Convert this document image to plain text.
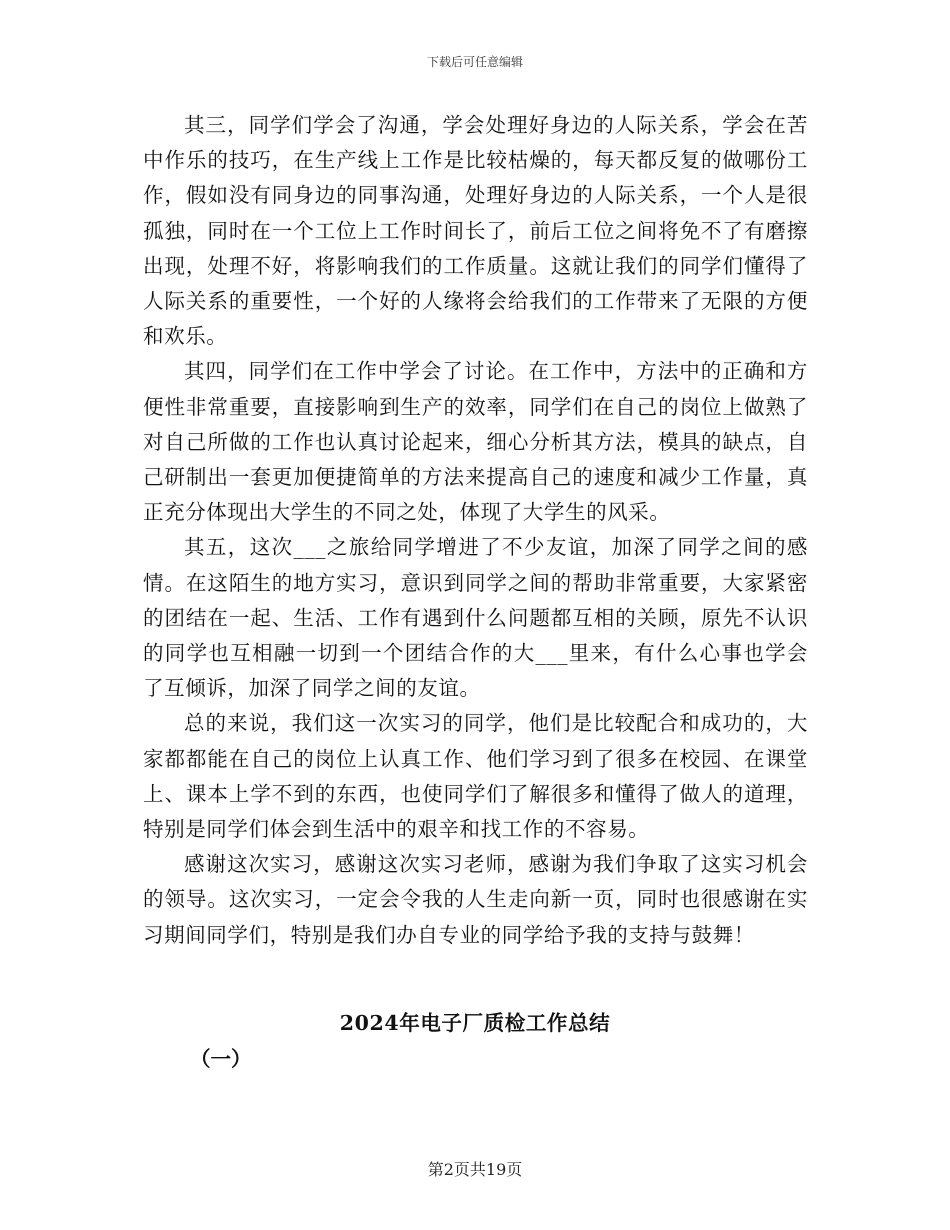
下载后可任意编辑

其三，同学们学会了沟通，学会处理好身边的人际关系，学会在苦中作乐的技巧，在生产线上工作是比较枯燥的，每天都反复的做哪份工作，假如没有同身边的同事沟通，处理好身边的人际关系，一个人是很孤独，同时在一个工位上工作时间长了，前后工位之间将免不了有磨擦出现，处理不好，将影响我们的工作质量。这就让我们的同学们懂得了人际关系的重要性，一个好的人缘将会给我们的工作带来了无限的方便和欢乐。

其四，同学们在工作中学会了讨论。在工作中，方法中的正确和方便性非常重要，直接影响到生产的效率，同学们在自己的岗位上做熟了对自己所做的工作也认真讨论起来，细心分析其方法，模具的缺点，自己研制出一套更加便捷简单的方法来提高自己的速度和减少工作量，真正充分体现出大学生的不同之处，体现了大学生的风采。

其五，这次___之旅给同学增进了不少友谊，加深了同学之间的感情。在这陌生的地方实习，意识到同学之间的帮助非常重要，大家紧密的团结在一起、生活、工作有遇到什么问题都互相的关顾，原先不认识的同学也互相融一切到一个团结合作的大___里来，有什么心事也学会了互倾诉，加深了同学之间的友谊。

总的来说，我们这一次实习的同学，他们是比较配合和成功的，大家都都能在自己的岗位上认真工作、他们学习到了很多在校园、在课堂上、课本上学不到的东西，也使同学们了解很多和懂得了做人的道理，特别是同学们体会到生活中的艰辛和找工作的不容易。

感谢这次实习，感谢这次实习老师，感谢为我们争取了这实习机会的领导。这次实习，一定会令我的人生走向新一页，同时也很感谢在实习期间同学们，特别是我们办自专业的同学给予我的支持与鼓舞！

2024年电子厂质检工作总结
（一）
第2页共19页
